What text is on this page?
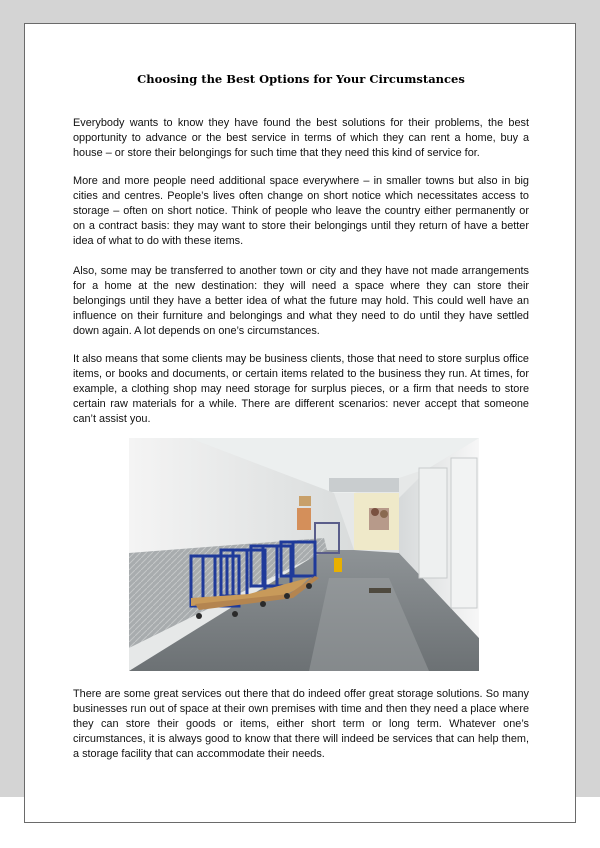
Choosing the Best Options for Your Circumstances

Everybody wants to know they have found the best solutions for their problems, the best opportunity to advance or the best service in terms of which they can rent a home, buy a house – or store their belongings for such time that they need this kind of service for.

More and more people need additional space everywhere – in smaller towns but also in big cities and centres. People’s lives often change on short notice which necessitates access to storage – often on short notice. Think of people who leave the country either permanently or on a contract basis: they may want to store their belongings until they return of have a better idea of what to do with these items.

Also, some may be transferred to another town or city and they have not made arrangements for a home at the new destination: they will need a space where they can store their belongings until they have a better idea of what the future may hold. This could well have an influence on their furniture and belongings and what they need to do until they have settled down again. A lot depends on one’s circumstances.

It also means that some clients may be business clients, those that need to store surplus office items, or books and documents, or certain items related to the business they run. At times, for example, a clothing shop may need storage for surplus pieces, or a firm that needs to store certain raw materials for a while. There are different scenarios: never accept that someone can’t assist you.

There are some great services out there that do indeed offer great storage solutions. So many businesses run out of space at their own premises with time and then they need a place where they can store their goods or items, either short term or long term. Whatever one’s circumstances, it is always good to know that there will indeed be services that can help them, a storage facility that can accommodate their needs.
